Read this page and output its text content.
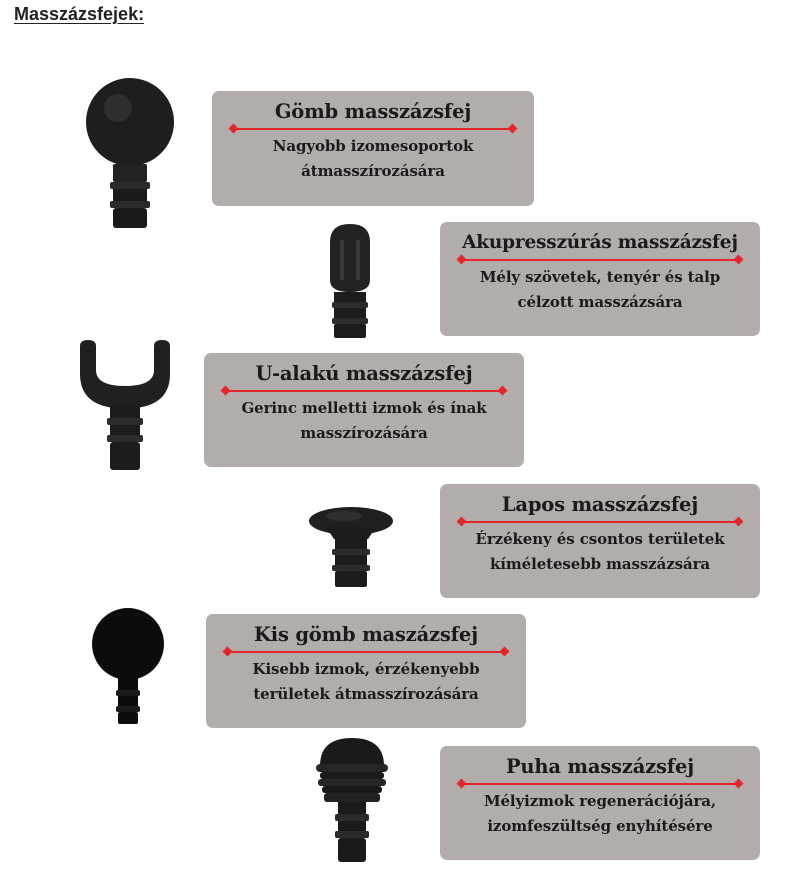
Masszázsfejek:
Gömb masszázsfej
Nagyobb izomesoportok
átmasszírozására
Akupresszúrás masszázsfej
Mély szövetek, tenyér és talp
célzott masszázsára
U-alakú masszázsfej
Gerinc melletti izmok és ínak
masszírozására
Lapos masszázsfej
Érzékeny és csontos területek
kíméletesebb masszázsára
Kis gömb maszázsfej
Kisebb izmok, érzékenyebb
területek átmasszírozására
Puha masszázsfej
Mélyizmok regenerációjára,
izomfeszültség enyhítésére
